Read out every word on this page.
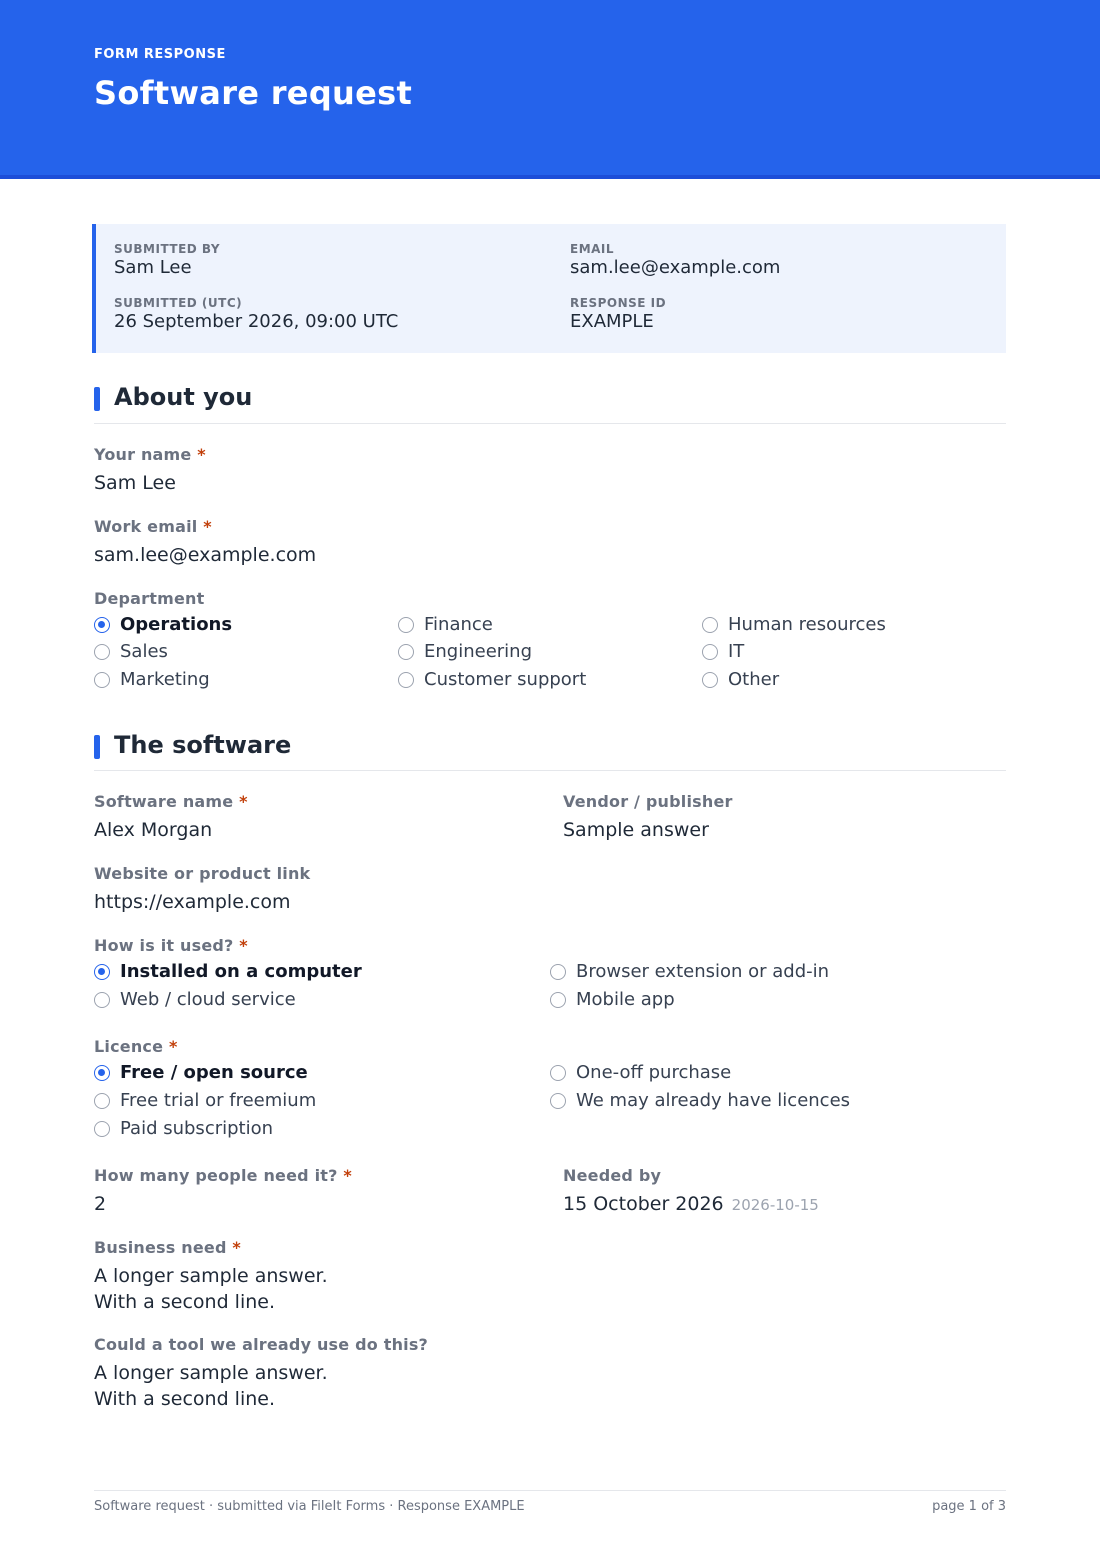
FORM RESPONSE
Software request
SUBMITTED BY
Sam Lee
EMAIL
sam.lee@example.com
SUBMITTED (UTC)
26 September 2026, 09:00 UTC
RESPONSE ID
EXAMPLE
About you
Your name *
Sam Lee
Work email *
sam.lee@example.com
Department
Operations	Finance	Human resources
Sales	Engineering	IT
Marketing	Customer support	Other
The software
Software name *
Alex Morgan
Vendor / publisher
Sample answer
Website or product link
https://example.com
How is it used? *
Installed on a computer	Browser extension or add-in
Web / cloud service	Mobile app
Licence *
Free / open source	One-off purchase
Free trial or freemium	We may already have licences
Paid subscription
How many people need it? *
2
Needed by
15 October 2026 2026-10-15
Business need *
A longer sample answer.
With a second line.
Could a tool we already use do this?
A longer sample answer.
With a second line.
Software request · submitted via FileIt Forms · Response EXAMPLE	page 1 of 3
